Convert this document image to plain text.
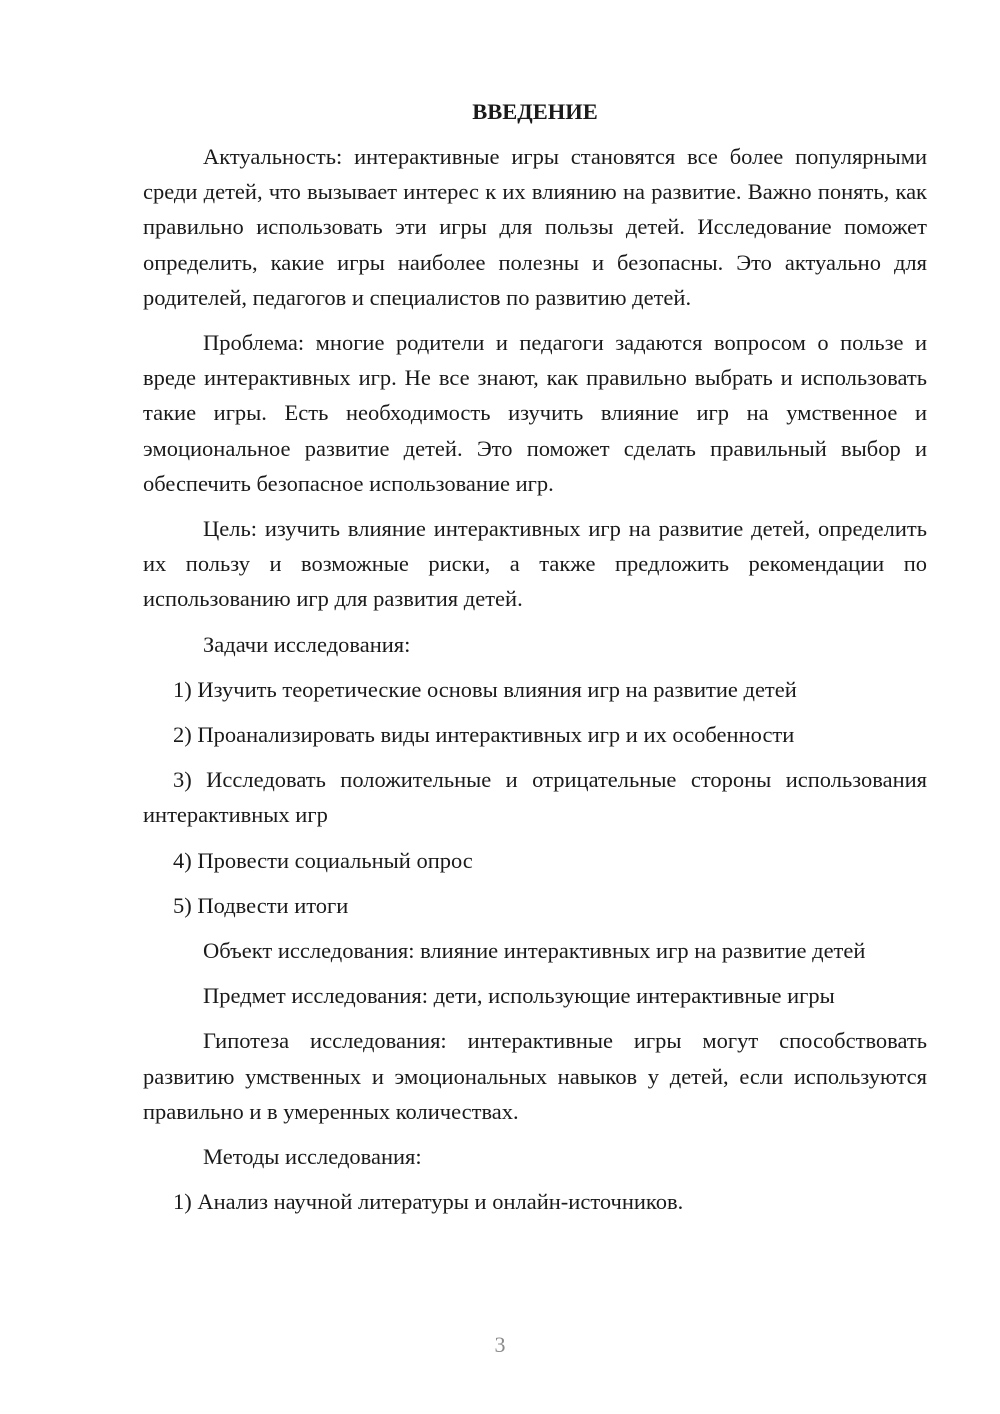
ВВЕДЕНИЕ

Актуальность: интерактивные игры становятся все более популярными среди детей, что вызывает интерес к их влиянию на развитие. Важно понять, как правильно использовать эти игры для пользы детей. Исследование поможет определить, какие игры наиболее полезны и безопасны. Это актуально для родителей, педагогов и специалистов по развитию детей.

Проблема: многие родители и педагоги задаются вопросом о пользе и вреде интерактивных игр. Не все знают, как правильно выбрать и использовать такие игры. Есть необходимость изучить влияние игр на умственное и эмоциональное развитие детей. Это поможет сделать правильный выбор и обеспечить безопасное использование игр.

Цель: изучить влияние интерактивных игр на развитие детей, определить их пользу и возможные риски, а также предложить рекомендации по использованию игр для развития детей.

Задачи исследования:

1) Изучить теоретические основы влияния игр на развитие детей

2) Проанализировать виды интерактивных игр и их особенности

3) Исследовать положительные и отрицательные стороны использования интерактивных игр

4) Провести социальный опрос

5) Подвести итоги

Объект исследования: влияние интерактивных игр на развитие детей

Предмет исследования: дети, использующие интерактивные игры

Гипотеза исследования: интерактивные игры могут способствовать развитию умственных и эмоциональных навыков у детей, если используются правильно и в умеренных количествах.

Методы исследования:

1) Анализ научной литературы и онлайн-источников.

3
